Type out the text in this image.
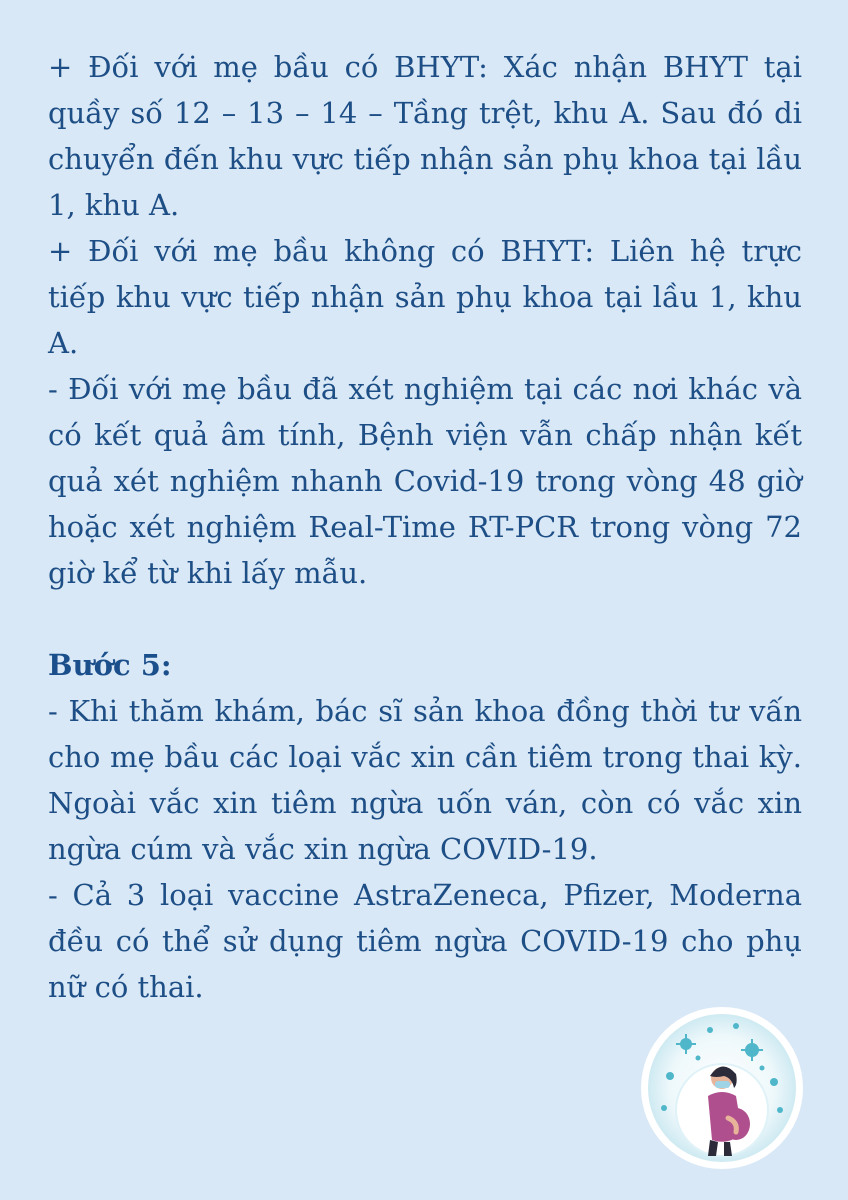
+ Đối với mẹ bầu có BHYT: Xác nhận BHYT tại quầy số 12 – 13 – 14 – Tầng trệt, khu A. Sau đó di chuyển đến khu vực tiếp nhận sản phụ khoa tại lầu 1, khu A.

+ Đối với mẹ bầu không có BHYT: Liên hệ trực tiếp khu vực tiếp nhận sản phụ khoa tại lầu 1, khu A.

- Đối với mẹ bầu đã xét nghiệm tại các nơi khác và có kết quả âm tính, Bệnh viện vẫn chấp nhận kết quả xét nghiệm nhanh Covid-19 trong vòng 48 giờ hoặc xét nghiệm Real-Time RT-PCR trong vòng 72 giờ kể từ khi lấy mẫu.

Bước 5:

- Khi thăm khám, bác sĩ sản khoa đồng thời tư vấn cho mẹ bầu các loại vắc xin cần tiêm trong thai kỳ. Ngoài vắc xin tiêm ngừa uốn ván, còn có vắc xin ngừa cúm và vắc xin ngừa COVID-19.

- Cả 3 loại vaccine AstraZeneca, Pfizer, Moderna đều có thể sử dụng tiêm ngừa COVID-19 cho phụ nữ có thai.
